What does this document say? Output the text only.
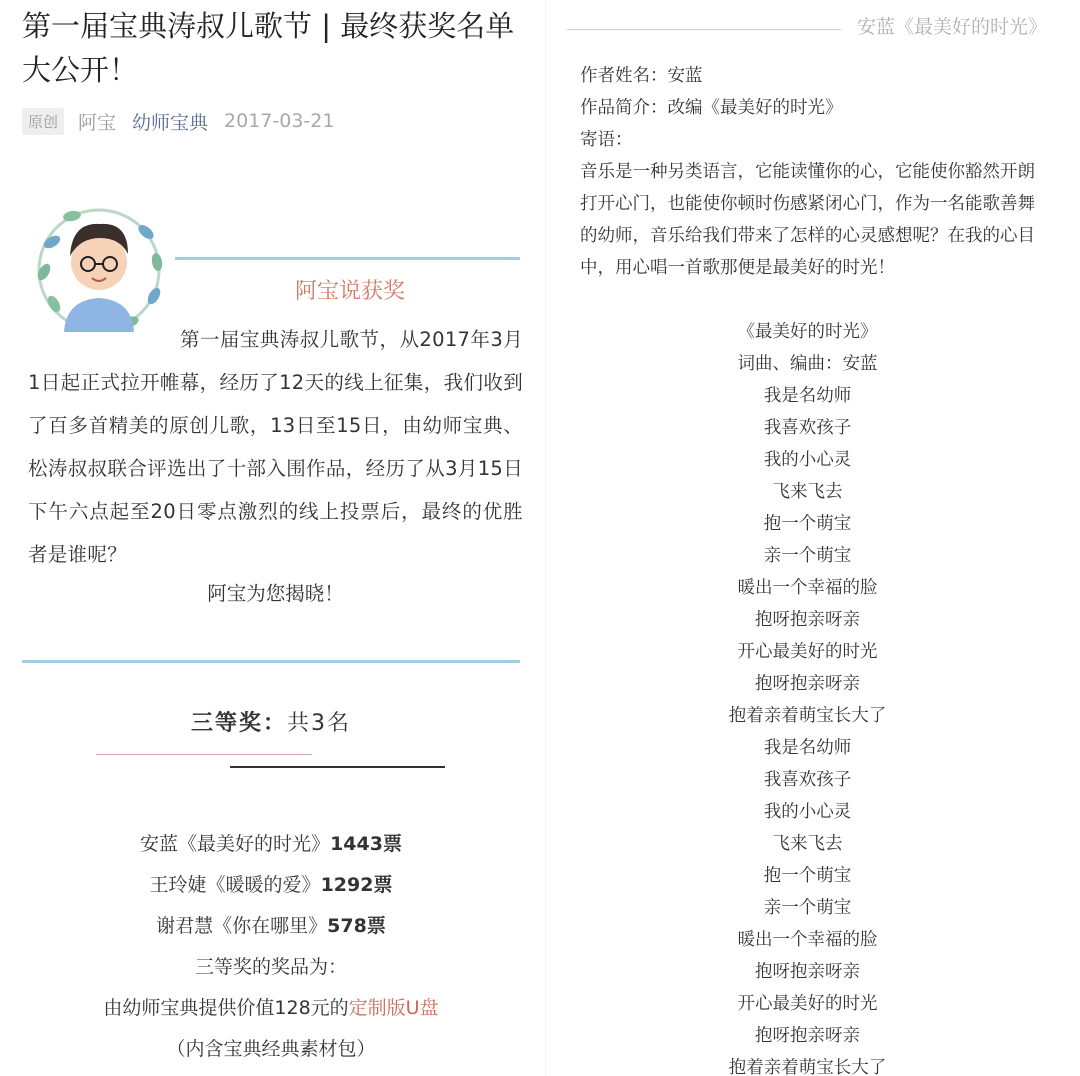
第一届宝典涛叔儿歌节 | 最终获奖名单大公开！
原创	阿宝 幼师宝典 2017-03-21
阿宝说获奖

第一届宝典涛叔儿歌节，从2017年3月1日起正式拉开帷幕，经历了12天的线上征集，我们收到了百多首精美的原创儿歌，13日至15日，由幼师宝典、松涛叔叔联合评选出了十部入围作品，经历了从3月15日下午六点起至20日零点激烈的线上投票后，最终的优胜者是谁呢？

阿宝为您揭晓！
三等奖：共3名
安蓝《最美好的时光》1443票
王玲婕《暖暖的爱》1292票
谢君慧《你在哪里》578票
三等奖的奖品为：
由幼师宝典提供价值128元的定制版U盘
（内含宝典经典素材包）
安蓝《最美好的时光》

作者姓名：安蓝

作品简介：改编《最美好的时光》

寄语：

音乐是一种另类语言，它能读懂你的心，它能使你豁然开朗打开心门，也能使你顿时伤感紧闭心门，作为一名能歌善舞的幼师，音乐给我们带来了怎样的心灵感想呢？在我的心目中，用心唱一首歌那便是最美好的时光！

《最美好的时光》
词曲、编曲：安蓝
我是名幼师
我喜欢孩子
我的小心灵
飞来飞去
抱一个萌宝
亲一个萌宝
暖出一个幸福的脸
抱呀抱亲呀亲
开心最美好的时光
抱呀抱亲呀亲
抱着亲着萌宝长大了
我是名幼师
我喜欢孩子
我的小心灵
飞来飞去
抱一个萌宝
亲一个萌宝
暖出一个幸福的脸
抱呀抱亲呀亲
开心最美好的时光
抱呀抱亲呀亲
抱着亲着萌宝长大了
